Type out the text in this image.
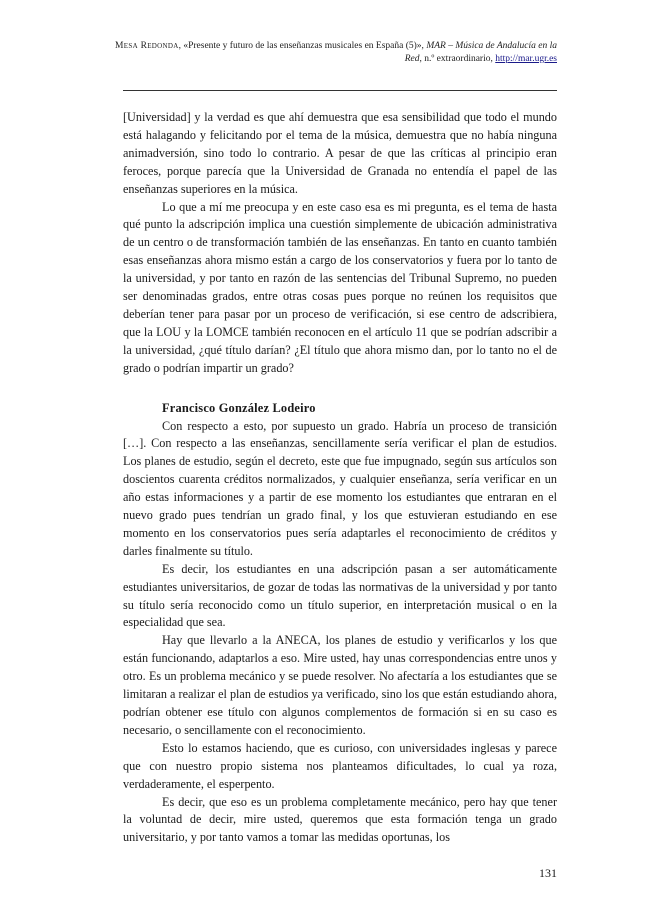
Mesa Redonda, «Presente y futuro de las enseñanzas musicales en España (5)», MAR – Música de Andalucía en la Red, n.º extraordinario, http://mar.ugr.es

[Universidad] y la verdad es que ahí demuestra que esa sensibilidad que todo el mundo está halagando y felicitando por el tema de la música, demuestra que no había ninguna animadversión, sino todo lo contrario. A pesar de que las críticas al principio eran feroces, porque parecía que la Universidad de Granada no entendía el papel de las enseñanzas superiores en la música.

Lo que a mí me preocupa y en este caso esa es mi pregunta, es el tema de hasta qué punto la adscripción implica una cuestión simplemente de ubicación administrativa de un centro o de transformación también de las enseñanzas. En tanto en cuanto también esas enseñanzas ahora mismo están a cargo de los conservatorios y fuera por lo tanto de la universidad, y por tanto en razón de las sentencias del Tribunal Supremo, no pueden ser denominadas grados, entre otras cosas pues porque no reúnen los requisitos que deberían tener para pasar por un proceso de verificación, si ese centro de adscribiera, que la LOU y la LOMCE también reconocen en el artículo 11 que se podrían adscribir a la universidad, ¿qué título darían? ¿El título que ahora mismo dan, por lo tanto no el de grado o podrían impartir un grado?

Francisco González Lodeiro

Con respecto a esto, por supuesto un grado. Habría un proceso de transición […]. Con respecto a las enseñanzas, sencillamente sería verificar el plan de estudios. Los planes de estudio, según el decreto, este que fue impugnado, según sus artículos son doscientos cuarenta créditos normalizados, y cualquier enseñanza, sería verificar en un año estas informaciones y a partir de ese momento los estudiantes que entraran en el nuevo grado pues tendrían un grado final, y los que estuvieran estudiando en ese momento en los conservatorios pues sería adaptarles el reconocimiento de créditos y darles finalmente su título.

Es decir, los estudiantes en una adscripción pasan a ser automáticamente estudiantes universitarios, de gozar de todas las normativas de la universidad y por tanto su título sería reconocido como un título superior, en interpretación musical o en la especialidad que sea.

Hay que llevarlo a la ANECA, los planes de estudio y verificarlos y los que están funcionando, adaptarlos a eso. Mire usted, hay unas correspondencias entre unos y otro. Es un problema mecánico y se puede resolver. No afectaría a los estudiantes que se limitaran a realizar el plan de estudios ya verificado, sino los que están estudiando ahora, podrían obtener ese título con algunos complementos de formación si en su caso es necesario, o sencillamente con el reconocimiento.

Esto lo estamos haciendo, que es curioso, con universidades inglesas y parece que con nuestro propio sistema nos planteamos dificultades, lo cual ya roza, verdaderamente, el esperpento.

Es decir, que eso es un problema completamente mecánico, pero hay que tener la voluntad de decir, mire usted, queremos que esta formación tenga un grado universitario, y por tanto vamos a tomar las medidas oportunas, los

131
